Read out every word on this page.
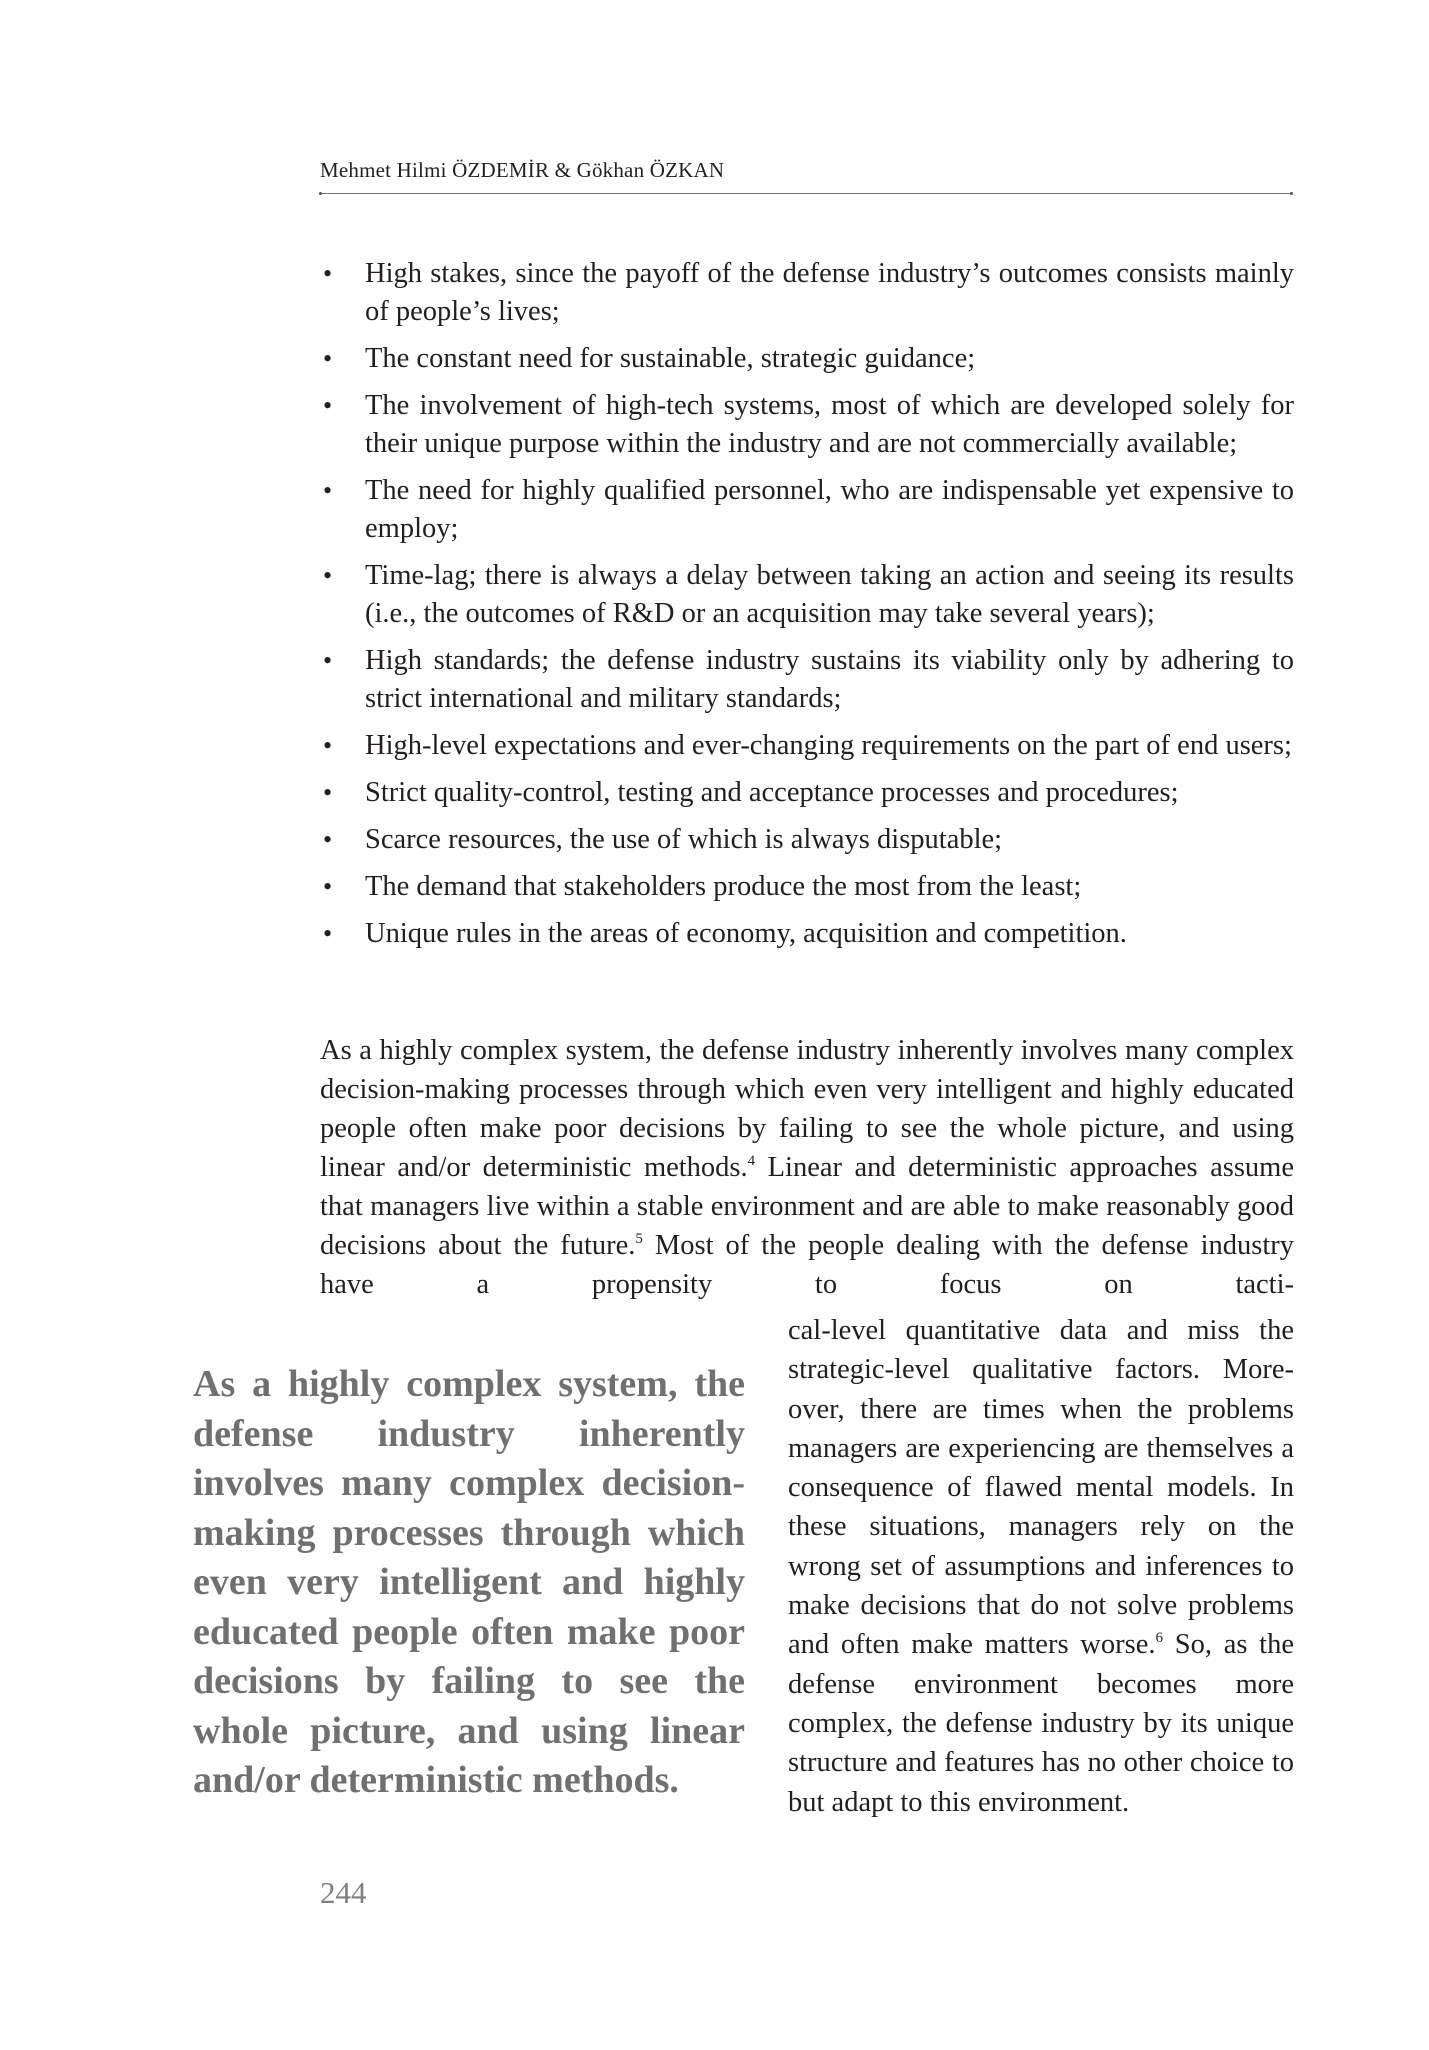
Mehmet Hilmi ÖZDEMİR & Gökhan ÖZKAN
• High stakes, since the payoff of the defense industry’s outcomes consists mainly of people’s lives;
• The constant need for sustainable, strategic guidance;
• The involvement of high-tech systems, most of which are developed solely for their unique purpose within the industry and are not commercially available;
• The need for highly qualified personnel, who are indispensable yet expensive to employ;
• Time-lag; there is always a delay between taking an action and seeing its results (i.e., the outcomes of R&D or an acquisition may take several years);
• High standards; the defense industry sustains its viability only by adhering to strict international and military standards;
• High-level expectations and ever-changing requirements on the part of end users;
• Strict quality-control, testing and acceptance processes and procedures;
• Scarce resources, the use of which is always disputable;
• The demand that stakeholders produce the most from the least;
• Unique rules in the areas of economy, acquisition and competition.

As a highly complex system, the defense industry inherently involves many complex decision-making processes through which even very intelligent and highly educated people often make poor decisions by failing to see the whole picture, and using linear and/or deterministic methods.$^4$ Linear and deterministic approaches assume that managers live within a stable environment and are able to make reasonably good decisions about the future.$^5$ Most of the people dealing with the defense industry have a propensity to focus on tacti-

cal-level quantitative data and miss the strategic-level qualitative factors. Moreover, there are times when the problems managers are experiencing are themselves a consequence of flawed mental models. In these situations, managers rely on the wrong set of assumptions and inferences to make decisions that do not solve problems and often make matters worse.$^6$ So, as the defense environment becomes more complex, the defense industry by its unique structure and features has no other choice to but adapt to this environment.

As a highly complex system, the defense industry inherently involves many complex decision-making processes through which even very intelligent and highly educated people often make poor decisions by failing to see the whole picture, and using linear and/or deterministic methods.

244
